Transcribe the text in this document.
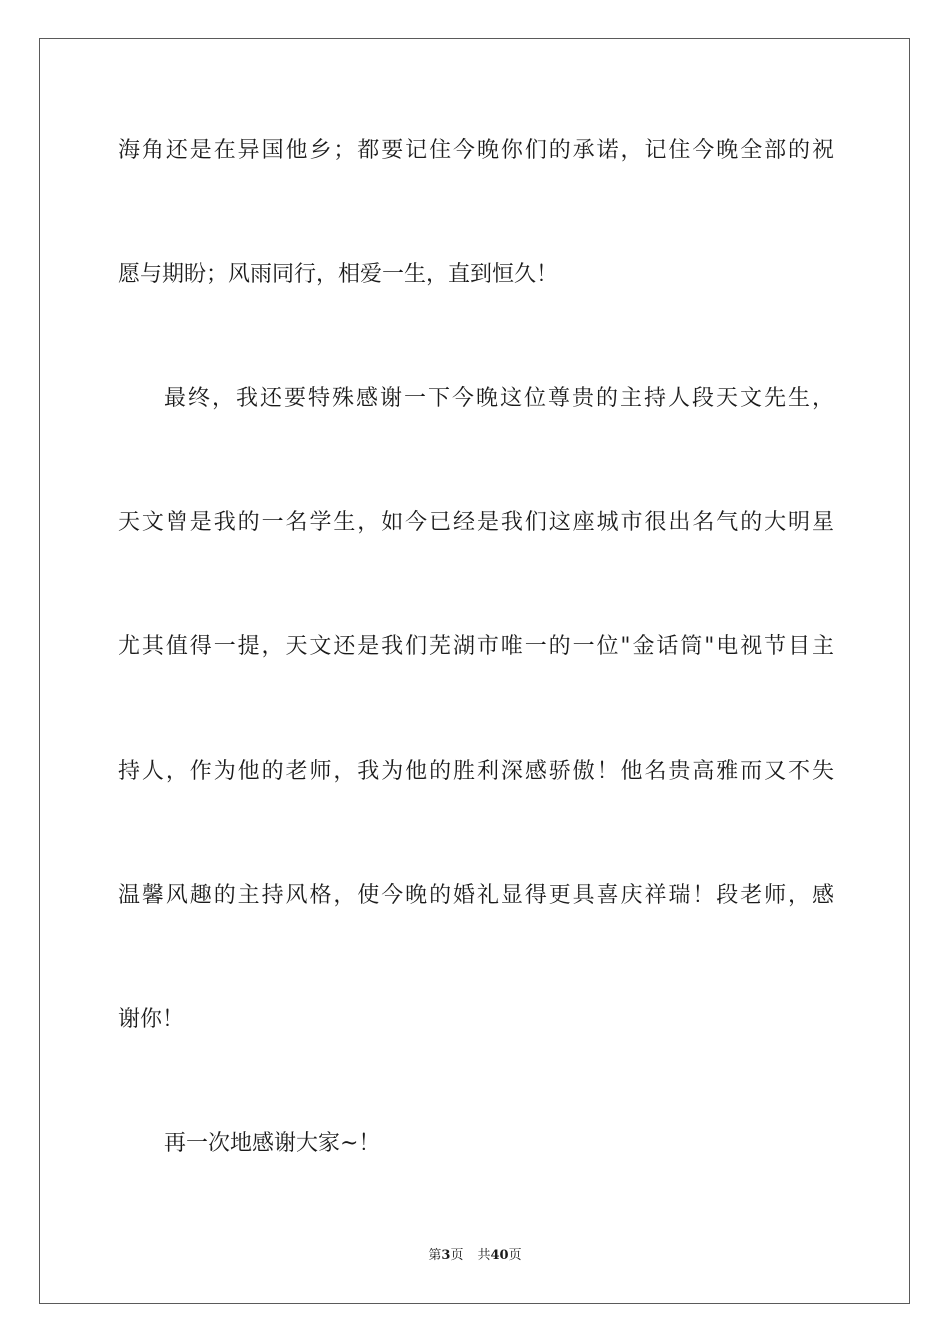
海角还是在异国他乡；都要记住今晚你们的承诺，记住今晚全部的祝
愿与期盼；风雨同行，相爱一生，直到恒久！
最终，我还要特殊感谢一下今晚这位尊贵的主持人段天文先生，
天文曾是我的一名学生，如今已经是我们这座城市很出名气的大明星
尤其值得一提，天文还是我们芜湖市唯一的一位"金话筒"电视节目主
持人，作为他的老师，我为他的胜利深感骄傲！他名贵高雅而又不失
温馨风趣的主持风格，使今晚的婚礼显得更具喜庆祥瑞！段老师，感
谢你！
再一次地感谢大家~！
第3页 共40页
